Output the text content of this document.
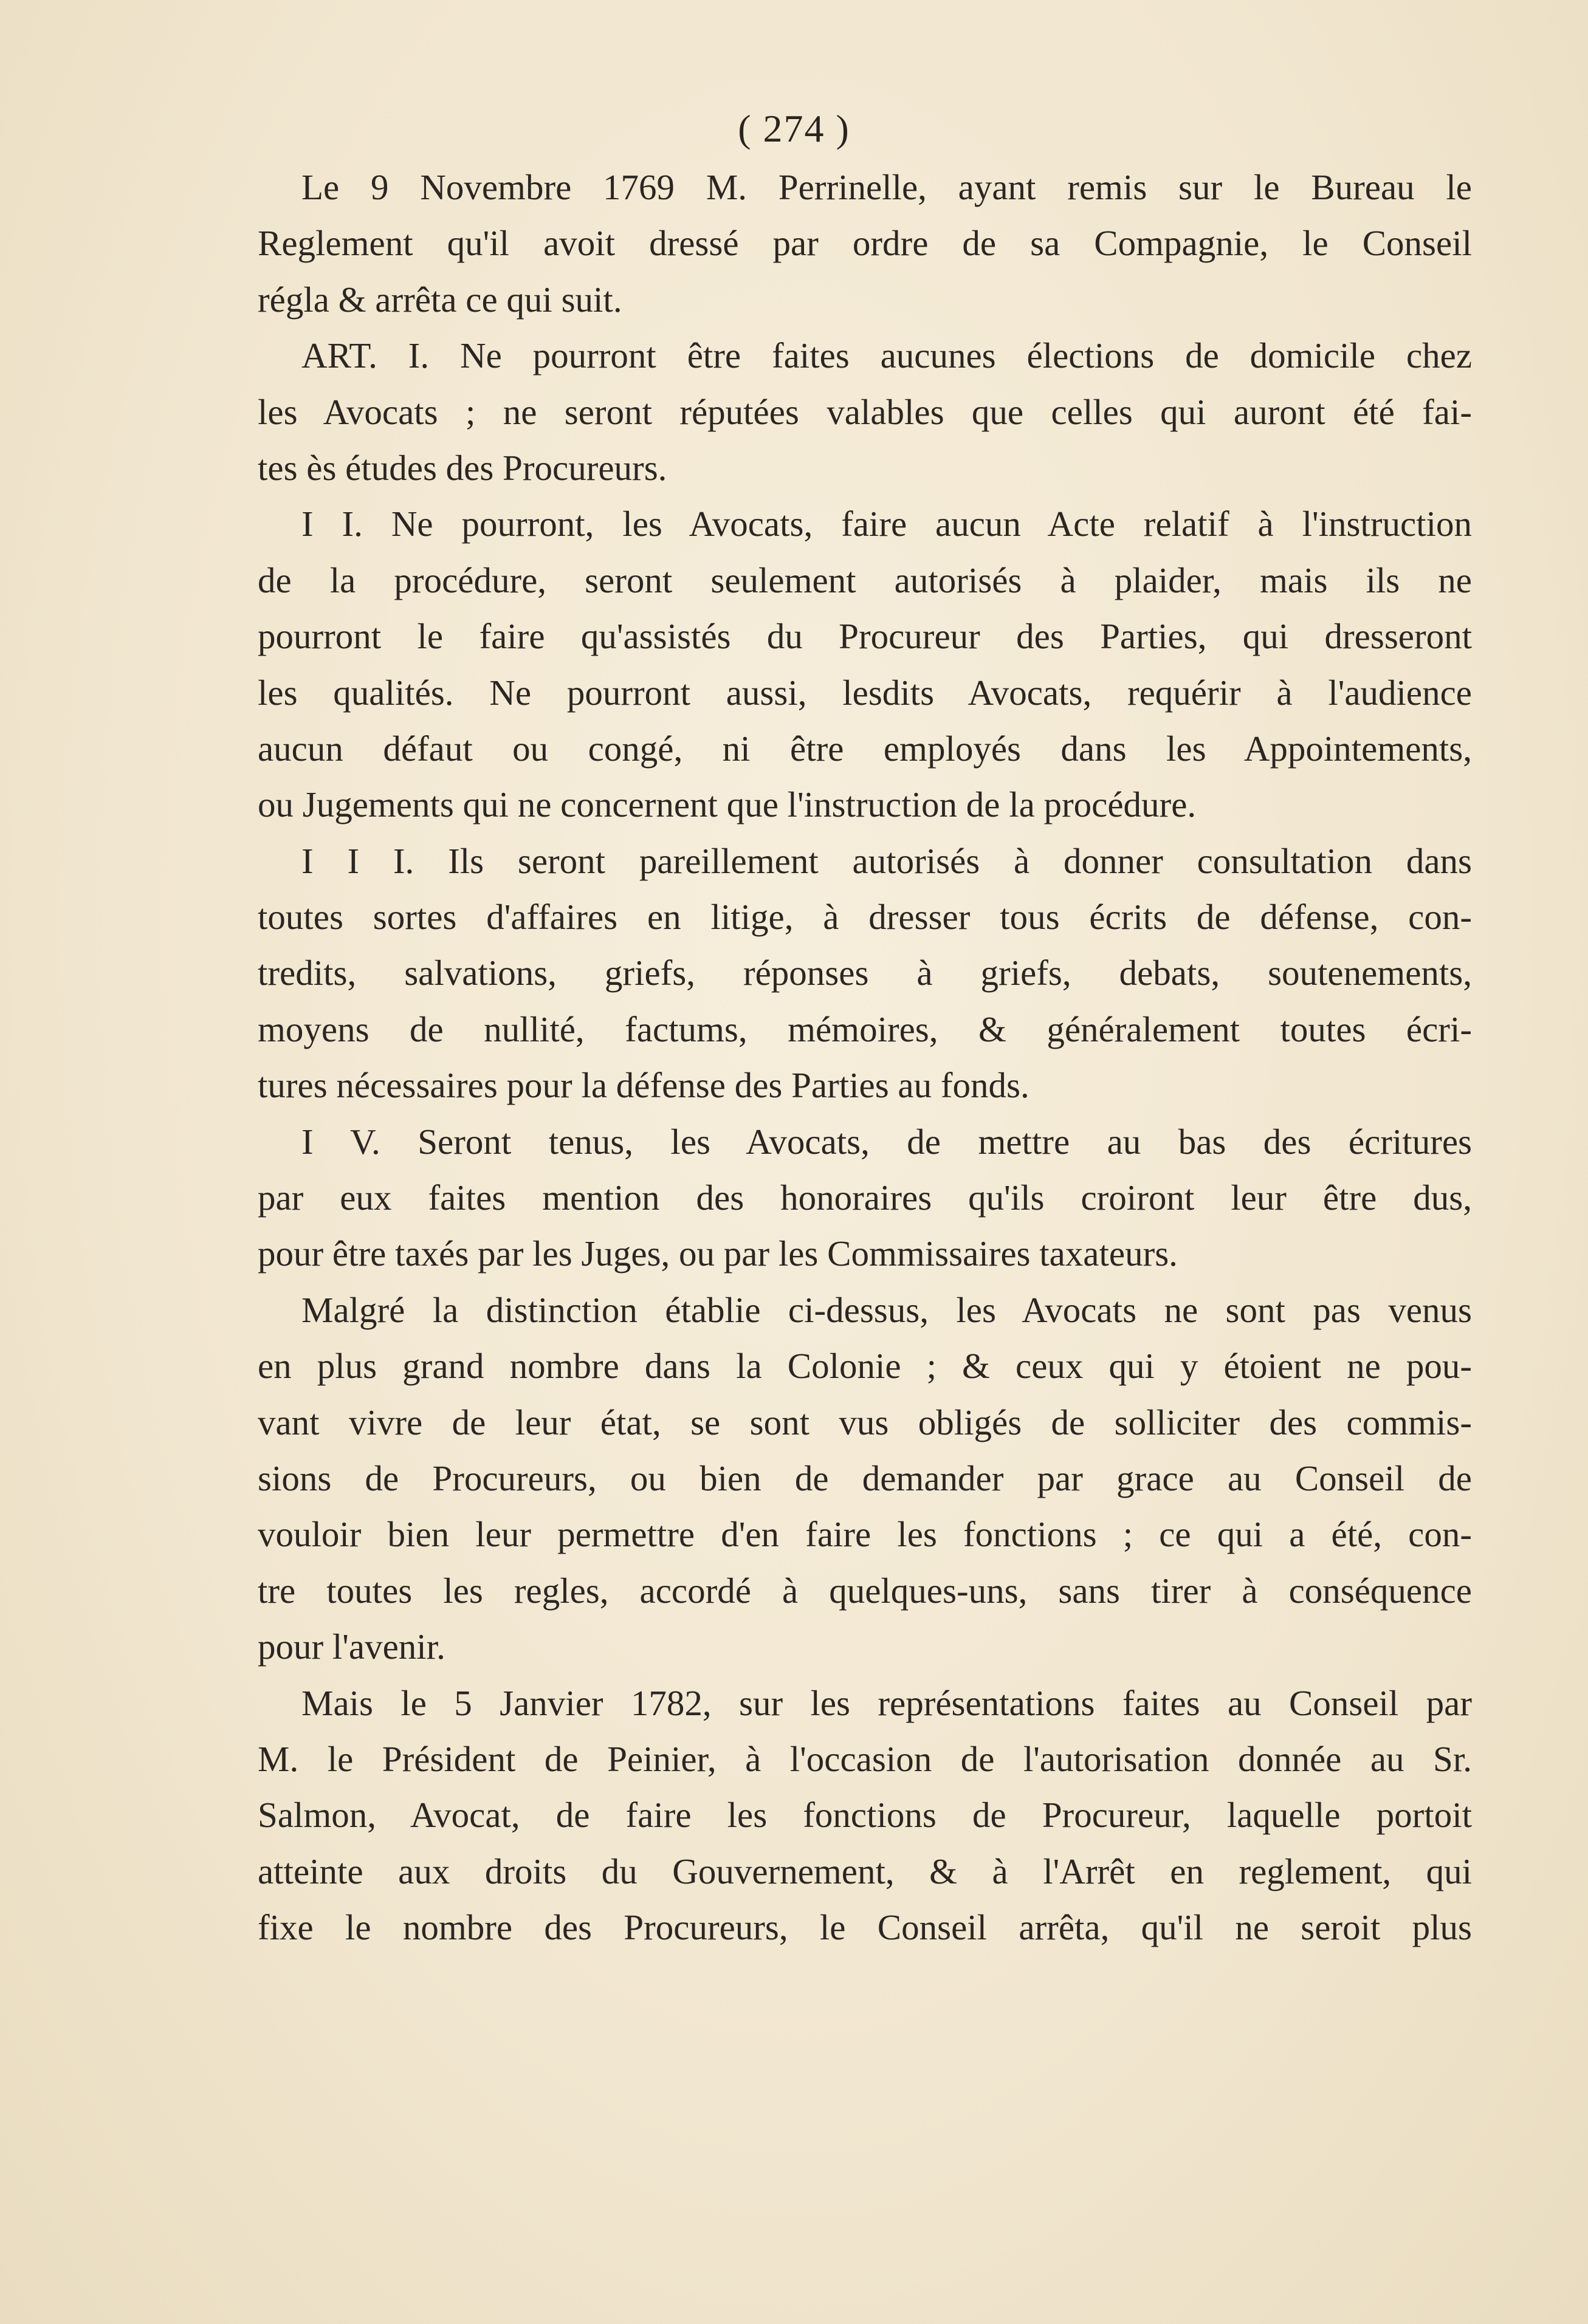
( 274 )
Le 9 Novembre 1769 M. Perrinelle, ayant remis sur le Bureau le
Reglement qu'il avoit dressé par ordre de sa Compagnie, le Conseil
régla & arrêta ce qui suit.
ART. I. Ne pourront être faites aucunes élections de domicile chez
les Avocats ; ne seront réputées valables que celles qui auront été fai-
tes ès études des Procureurs.
I I. Ne pourront, les Avocats, faire aucun Acte relatif à l'instruction
de la procédure, seront seulement autorisés à plaider, mais ils ne
pourront le faire qu'assistés du Procureur des Parties, qui dresseront
les qualités. Ne pourront aussi, lesdits Avocats, requérir à l'audience
aucun défaut ou congé, ni être employés dans les Appointements,
ou Jugements qui ne concernent que l'instruction de la procédure.
I I I. Ils seront pareillement autorisés à donner consultation dans
toutes sortes d'affaires en litige, à dresser tous écrits de défense, con-
tredits, salvations, griefs, réponses à griefs, debats, soutenements,
moyens de nullité, factums, mémoires, & généralement toutes écri-
tures nécessaires pour la défense des Parties au fonds.
I V. Seront tenus, les Avocats, de mettre au bas des écritures
par eux faites mention des honoraires qu'ils croiront leur être dus,
pour être taxés par les Juges, ou par les Commissaires taxateurs.
Malgré la distinction établie ci-dessus, les Avocats ne sont pas venus
en plus grand nombre dans la Colonie ; & ceux qui y étoient ne pou-
vant vivre de leur état, se sont vus obligés de solliciter des commis-
sions de Procureurs, ou bien de demander par grace au Conseil de
vouloir bien leur permettre d'en faire les fonctions ; ce qui a été, con-
tre toutes les regles, accordé à quelques-uns, sans tirer à conséquence
pour l'avenir.
Mais le 5 Janvier 1782, sur les représentations faites au Conseil par
M. le Président de Peinier, à l'occasion de l'autorisation donnée au Sr.
Salmon, Avocat, de faire les fonctions de Procureur, laquelle portoit
atteinte aux droits du Gouvernement, & à l'Arrêt en reglement, qui
fixe le nombre des Procureurs, le Conseil arrêta, qu'il ne seroit plus
